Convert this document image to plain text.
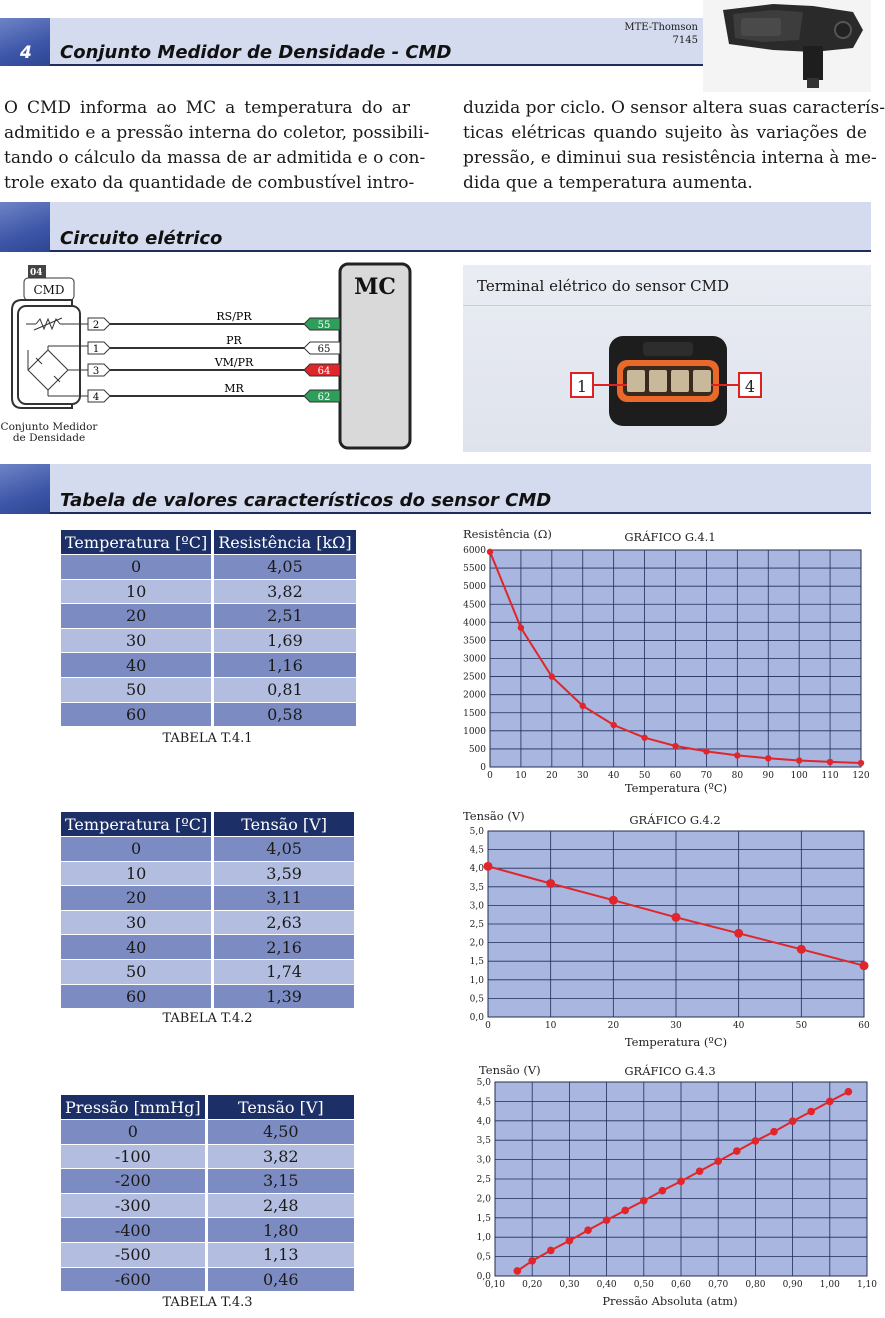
4 Conjunto Medidor de Densidade - CMD
MTE-Thomson
7145
O CMD informa ao MC a temperatura do ar
admitido e a pressão interna do coletor, possibili-
tando o cálculo da massa de ar admitida e o con-
trole exato da quantidade de combustível intro-
duzida por ciclo. O sensor altera suas caracterís-
ticas elétricas quando sujeito às variações de
pressão, e diminui sua resistência interna à me-
dida que a temperatura aumenta.
Circuito elétrico
04
CMD	MC
2
RS/PR
55
1
PR
65
3
VM/PR
64
4
MR
62
Conjunto Medidor
de Densidade
Terminal elétrico do sensor CMD
1	4
Tabela de valores característicos do sensor CMD
Temperatura [ºC]	Resistência [kΩ]
0	4,05
10	3,82
20	2,51
30	1,69
40	1,16
50	0,81
60	0,58
TABELA T.4.1
Temperatura [ºC]	Tensão [V]
0	4,05
10	3,59
20	3,11
30	2,63
40	2,16
50	1,74
60	1,39
TABELA T.4.2
Pressão [mmHg]	Tensão [V]
0	4,50
-100	3,82
-200	3,15
-300	2,48
-400	1,80
-500	1,13
-600	0,46
TABELA T.4.3
0 10 20 30 40 50 60 70 80 90 100 110 120
0
500
1000
1500
2000
2500
3000
3500
4000
4500
5000
5500
6000
GRÁFICO G.4.1
Resistência (Ω)
Temperatura (ºC)
0	10	20	30	40	50	60
0,0
0,5
1,0
1,5
2,0
2,5
3,0
3,5
4,0
4,5
5,0
GRÁFICO G.4.2
Tensão (V)
Temperatura (ºC)
0,10 0,20 0,30 0,40 0,50 0,60 0,70 0,80 0,90 1,00 1,10
0,0
0,5
1,0
1,5
2,0
2,5
3,0
3,5
4,0
4,5
5,0
GRÁFICO G.4.3
Tensão (V)
Pressão Absoluta (atm)
